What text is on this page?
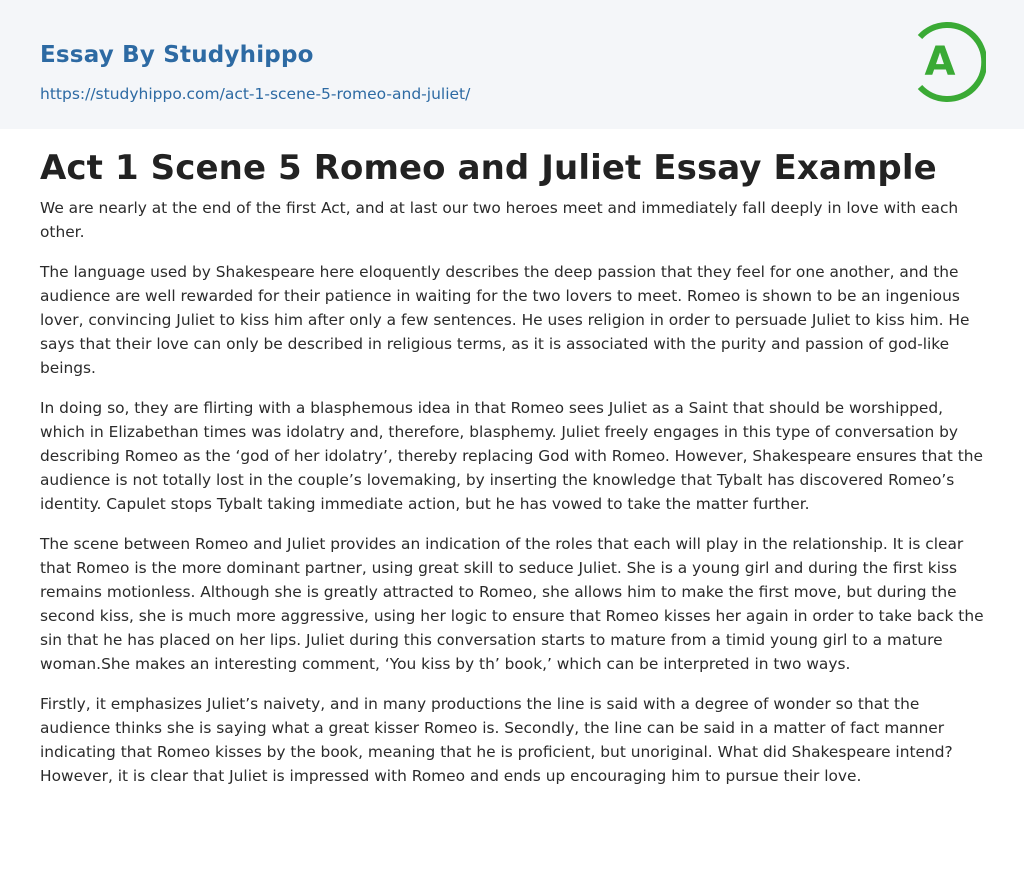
Essay By Studyhippo
https://studyhippo.com/act-1-scene-5-romeo-and-juliet/
A
Act 1 Scene 5 Romeo and Juliet Essay Example

We are nearly at the end of the first Act, and at last our two heroes meet and immediately fall deeply in love with each other.

The language used by Shakespeare here eloquently describes the deep passion that they feel for one another, and the audience are well rewarded for their patience in waiting for the two lovers to meet. Romeo is shown to be an ingenious lover, convincing Juliet to kiss him after only a few sentences. He uses religion in order to persuade Juliet to kiss him. He says that their love can only be described in religious terms, as it is associated with the purity and passion of god-like beings.

In doing so, they are flirting with a blasphemous idea in that Romeo sees Juliet as a Saint that should be worshipped, which in Elizabethan times was idolatry and, therefore, blasphemy. Juliet freely engages in this type of conversation by describing Romeo as the ‘god of her idolatry’, thereby replacing God with Romeo. However, Shakespeare ensures that the audience is not totally lost in the couple’s lovemaking, by inserting the knowledge that Tybalt has discovered Romeo’s identity. Capulet stops Tybalt taking immediate action, but he has vowed to take the matter further.

The scene between Romeo and Juliet provides an indication of the roles that each will play in the relationship. It is clear that Romeo is the more dominant partner, using great skill to seduce Juliet. She is a young girl and during the first kiss remains motionless. Although she is greatly attracted to Romeo, she allows him to make the first move, but during the second kiss, she is much more aggressive, using her logic to ensure that Romeo kisses her again in order to take back the sin that he has placed on her lips. Juliet during this conversation starts to mature from a timid young girl to a mature woman.She makes an interesting comment, ‘You kiss by th’ book,’ which can be interpreted in two ways.

Firstly, it emphasizes Juliet’s naivety, and in many productions the line is said with a degree of wonder so that the audience thinks she is saying what a great kisser Romeo is. Secondly, the line can be said in a matter of fact manner indicating that Romeo kisses by the book, meaning that he is proficient, but unoriginal. What did Shakespeare intend? However, it is clear that Juliet is impressed with Romeo and ends up encouraging him to pursue their love.
